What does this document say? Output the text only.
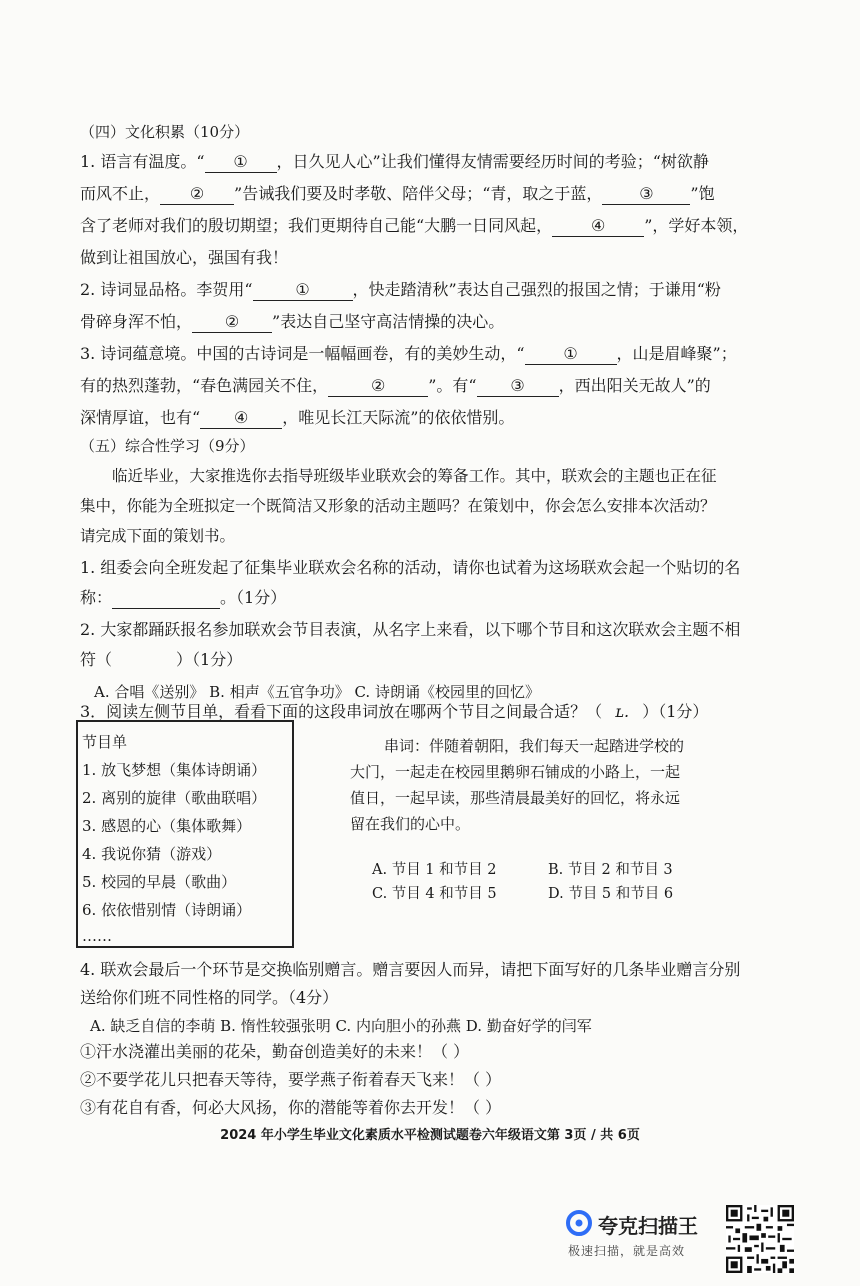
（四）文化积累（10分）
1. 语言有温度。“ ① ，日久见人心”让我们懂得友情需要经历时间的考验；“树欲静
而风不止， ② ”告诫我们要及时孝敬、陪伴父母；“青，取之于蓝， ③ ”饱
含了老师对我们的殷切期望；我们更期待自己能“大鹏一日同风起， ④ ”，学好本领，
做到让祖国放心，强国有我！
2. 诗词显品格。李贺用“	①	，快走踏清秋”表达自己强烈的报国之情；于谦用“粉
骨碎身浑不怕， ② ”表达自己坚守高洁情操的决心。
3. 诗词蕴意境。中国的古诗词是一幅幅画卷，有的美妙生动，“ ① ，山是眉峰聚”；
有的热烈蓬勃，“春色满园关不住，	②	”。有“ ③ ，西出阳关无故人”的
深情厚谊，也有“ ④ ，唯见长江天际流”的依依惜别。
（五）综合性学习（9分）
临近毕业，大家推选你去指导班级毕业联欢会的筹备工作。其中，联欢会的主题也正在征
集中，你能为全班拟定一个既简洁又形象的活动主题吗？在策划中，你会怎么安排本次活动？
请完成下面的策划书。
1. 组委会向全班发起了征集毕业联欢会名称的活动，请你也试着为这场联欢会起一个贴切的名
称：	。（1分）
2. 大家都踊跃报名参加联欢会节目表演，从名字上来看，以下哪个节目和这次联欢会主题不相
符（	）（1分）
A. 合唱《送别》 B. 相声《五官争功》 C. 诗朗诵《校园里的回忆》
3．阅读左侧节目单，看看下面的这段串词放在哪两个节目之间最合适？（ ʟ. ）（1分）
节目单
1. 放飞梦想（集体诗朗诵）
2. 离别的旋律（歌曲联唱）
3. 感恩的心（集体歌舞）
4. 我说你猜（游戏）
5. 校园的早晨（歌曲）
6. 依依惜别情（诗朗诵）
……
串词：伴随着朝阳，我们每天一起踏进学校的
大门，一起走在校园里鹅卵石铺成的小路上，一起
值日，一起早读，那些清晨最美好的回忆，将永远
留在我们的心中。
A. 节目 1 和节目 2	B. 节目 2 和节目 3
C. 节目 4 和节目 5	D. 节目 5 和节目 6
4. 联欢会最后一个环节是交换临别赠言。赠言要因人而异，请把下面写好的几条毕业赠言分别
送给你们班不同性格的同学。（4分）
A. 缺乏自信的李萌 B. 惰性较强张明 C. 内向胆小的孙燕 D. 勤奋好学的闫军
①汗水浇灌出美丽的花朵，勤奋创造美好的未来！（ ）
②不要学花儿只把春天等待，要学燕子衔着春天飞来！（ ）
③有花自有香，何必大风扬，你的潜能等着你去开发！（ ）
2024 年小学生毕业文化素质水平检测试题卷六年级语文第 3页 / 共 6页
夸克扫描王
极速扫描，就是高效
